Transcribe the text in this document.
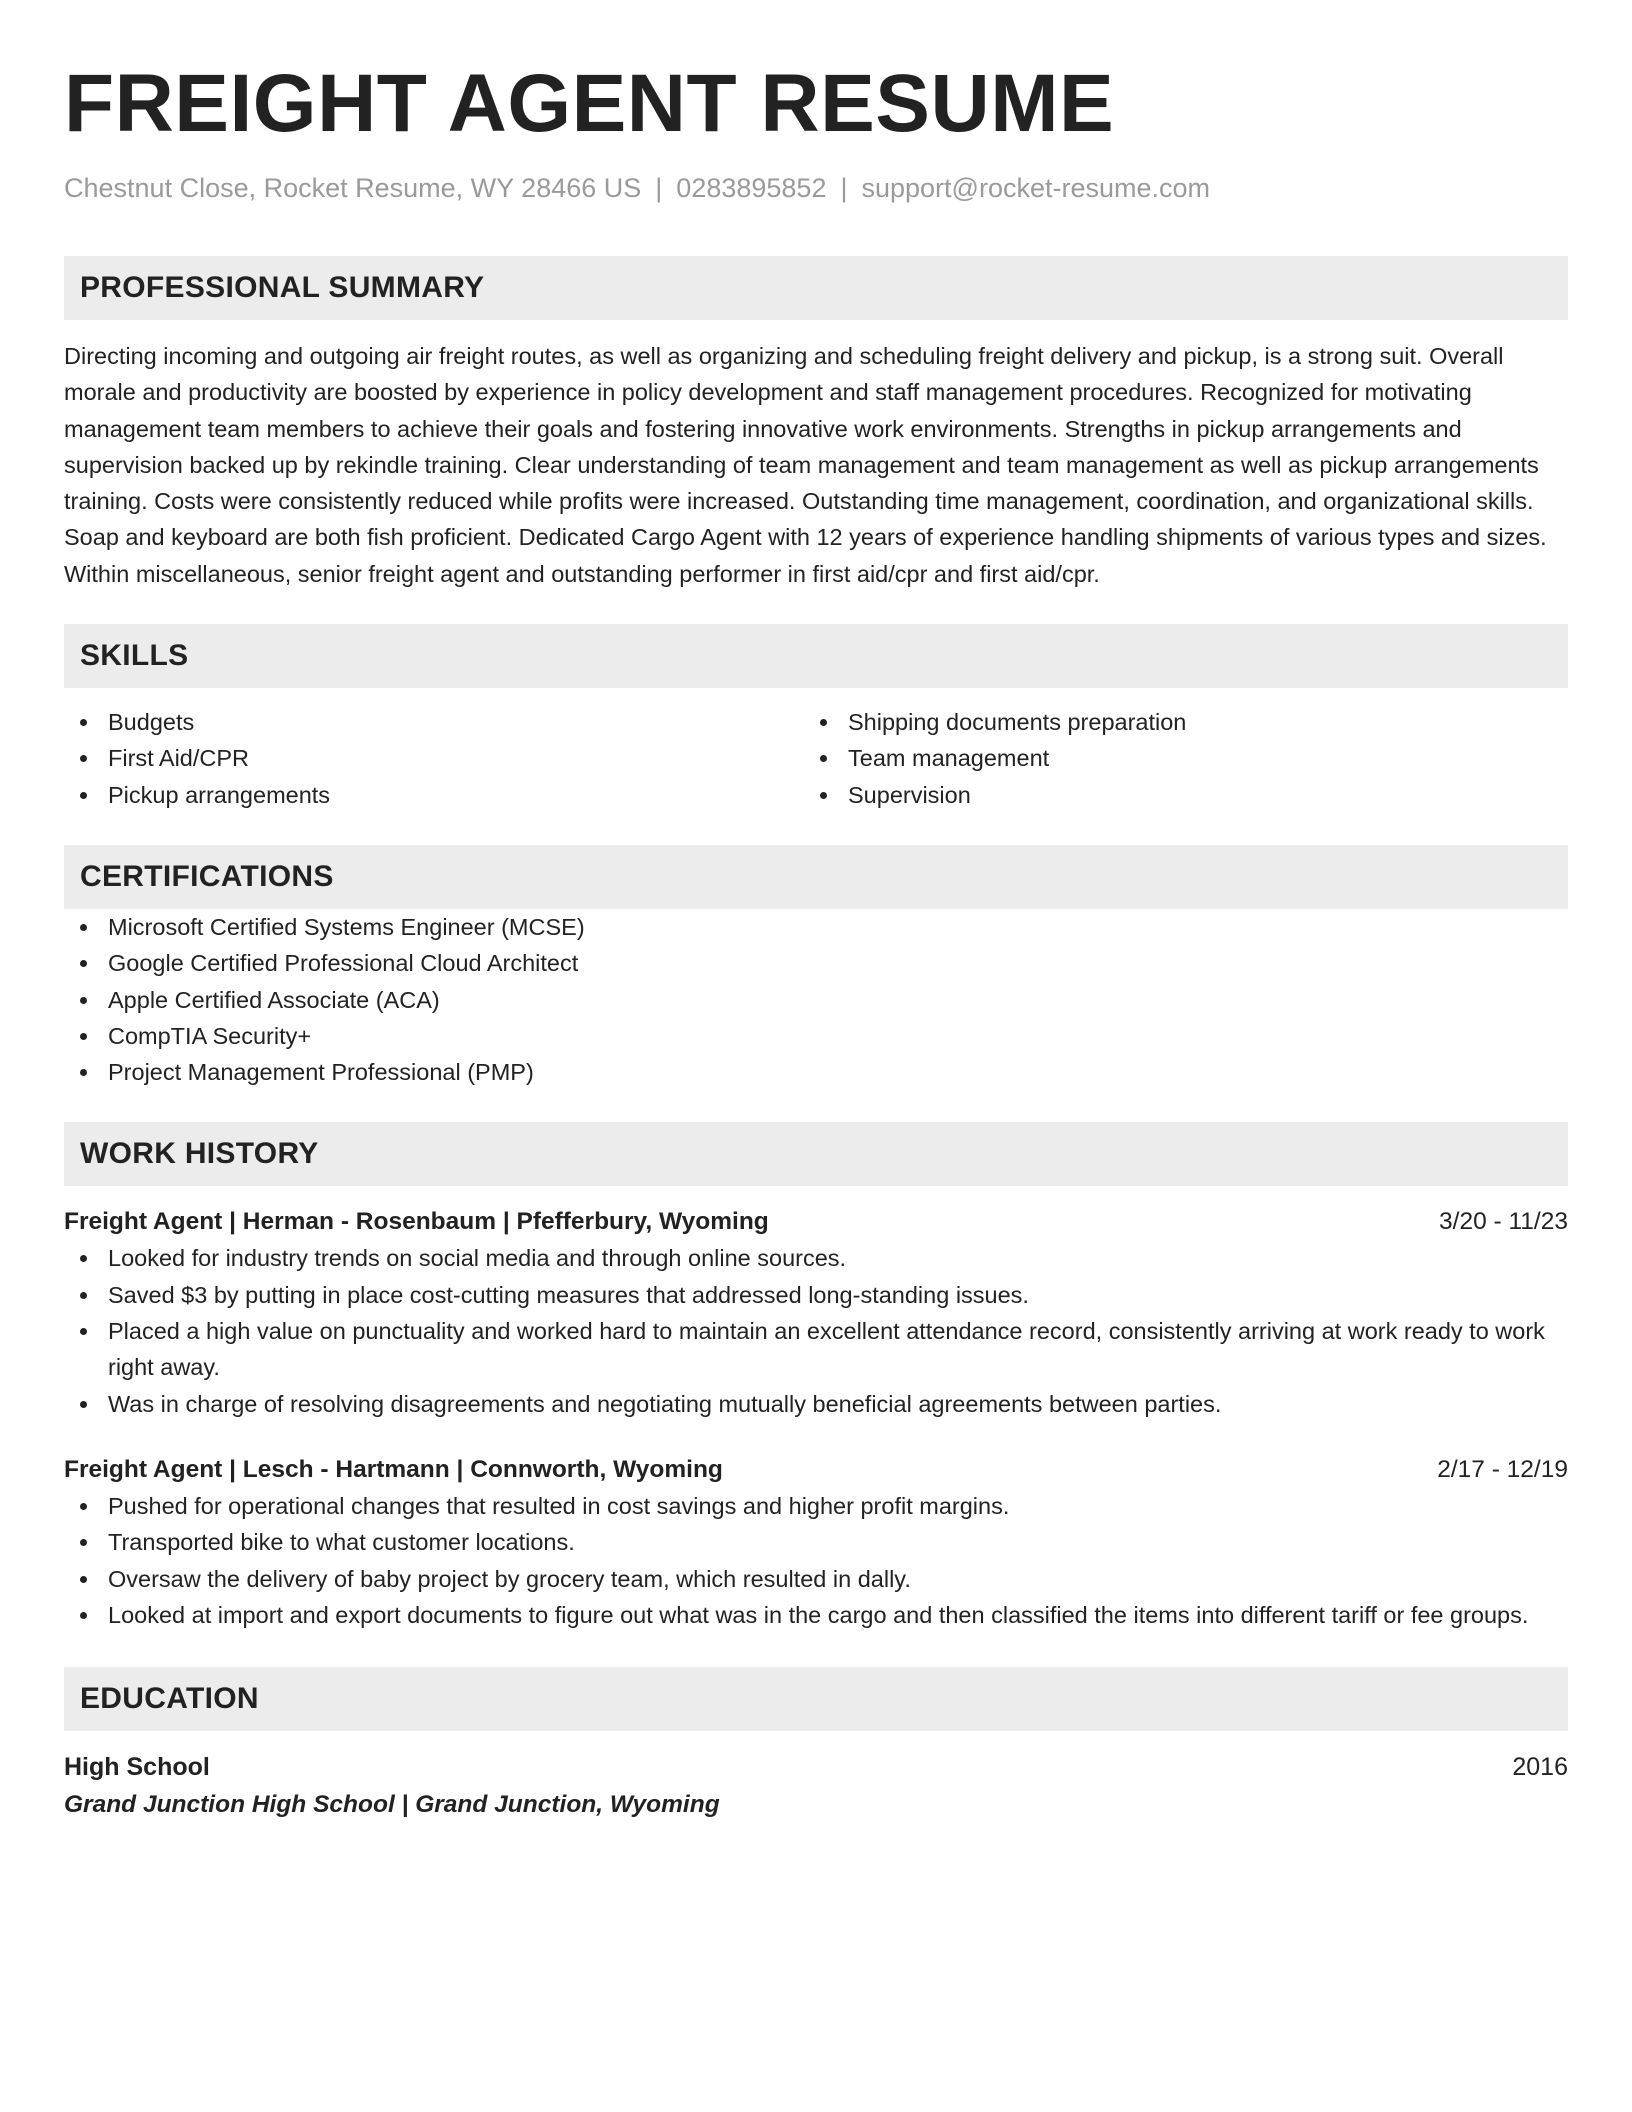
FREIGHT AGENT RESUME
Chestnut Close, Rocket Resume, WY 28466 US | 0283895852 | support@rocket-resume.com
PROFESSIONAL SUMMARY
Directing incoming and outgoing air freight routes, as well as organizing and scheduling freight delivery and pickup, is a strong suit. Overall morale and productivity are boosted by experience in policy development and staff management procedures. Recognized for motivating management team members to achieve their goals and fostering innovative work environments. Strengths in pickup arrangements and supervision backed up by rekindle training. Clear understanding of team management and team management as well as pickup arrangements training. Costs were consistently reduced while profits were increased. Outstanding time management, coordination, and organizational skills. Soap and keyboard are both fish proficient. Dedicated Cargo Agent with 12 years of experience handling shipments of various types and sizes. Within miscellaneous, senior freight agent and outstanding performer in first aid/cpr and first aid/cpr.
SKILLS
Budgets
First Aid/CPR
Pickup arrangements
Shipping documents preparation
Team management
Supervision
CERTIFICATIONS
Microsoft Certified Systems Engineer (MCSE)
Google Certified Professional Cloud Architect
Apple Certified Associate (ACA)
CompTIA Security+
Project Management Professional (PMP)
WORK HISTORY
Freight Agent | Herman - Rosenbaum | Pfefferbury, Wyoming	3/20 - 11/23
Looked for industry trends on social media and through online sources.
Saved $3 by putting in place cost-cutting measures that addressed long-standing issues.
Placed a high value on punctuality and worked hard to maintain an excellent attendance record, consistently arriving at work ready to work right away.
Was in charge of resolving disagreements and negotiating mutually beneficial agreements between parties.
Freight Agent | Lesch - Hartmann | Connworth, Wyoming	2/17 - 12/19
Pushed for operational changes that resulted in cost savings and higher profit margins.
Transported bike to what customer locations.
Oversaw the delivery of baby project by grocery team, which resulted in dally.
Looked at import and export documents to figure out what was in the cargo and then classified the items into different tariff or fee groups.
EDUCATION
High School	2016
Grand Junction High School | Grand Junction, Wyoming
